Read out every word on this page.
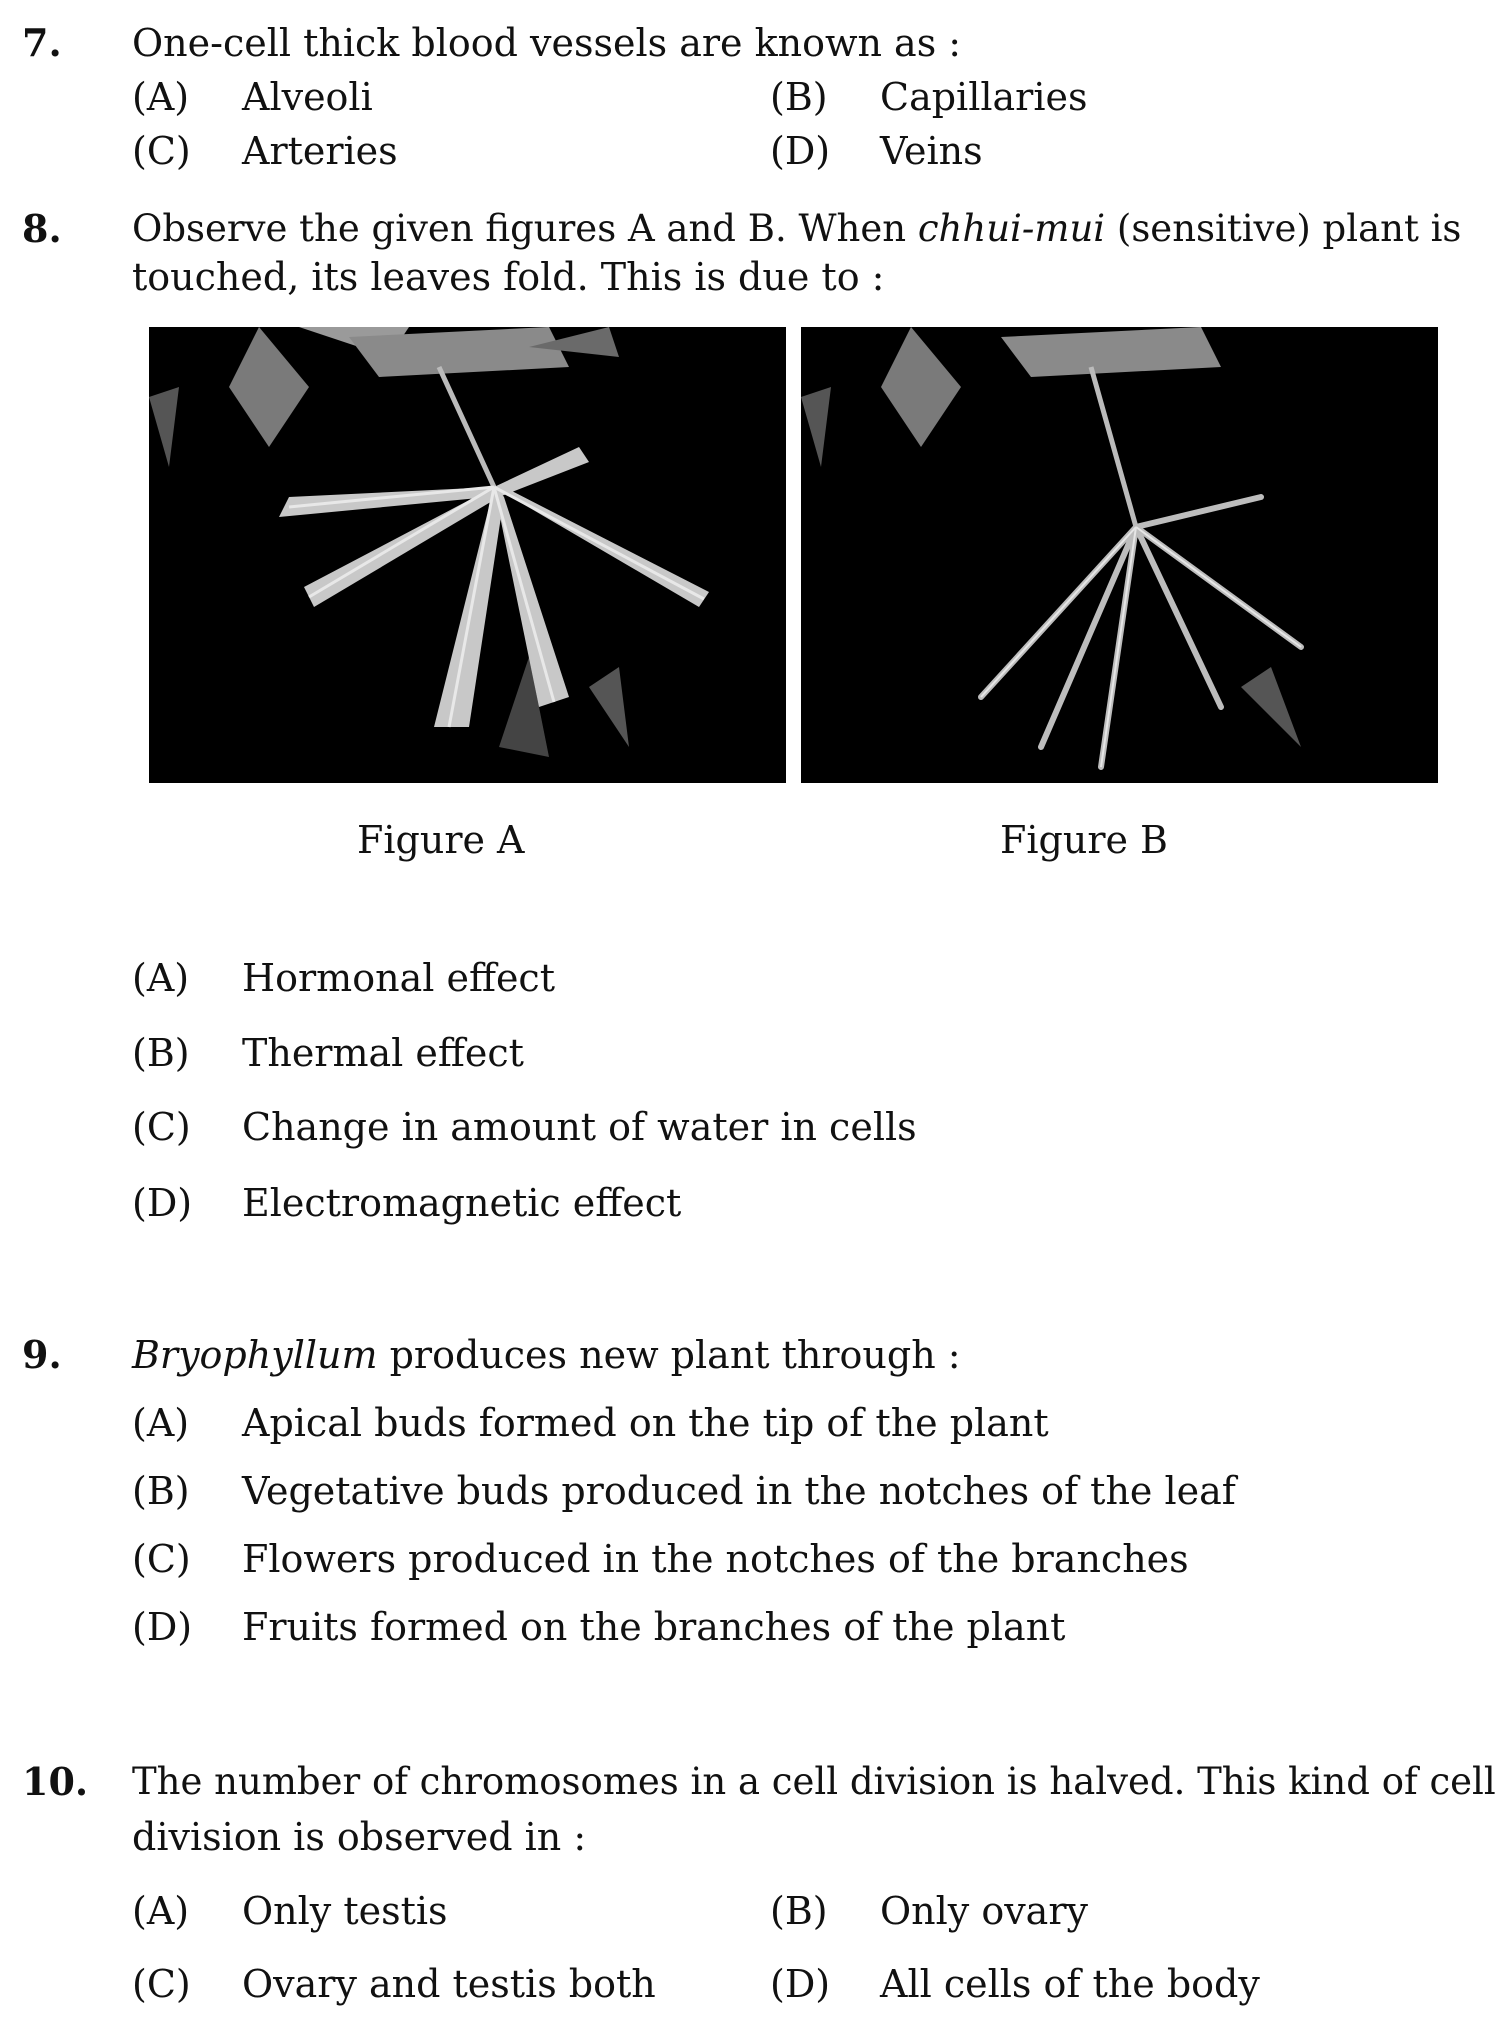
7. One-cell thick blood vessels are known as :
(A) Alveoli	(B) Capillaries
(C) Arteries	(D) Veins
8. Observe the given figures A and B. When chhui-mui (sensitive) plant is
touched, its leaves fold. This is due to :
Figure A	Figure B
(A) Hormonal effect
(B) Thermal effect
(C) Change in amount of water in cells
(D) Electromagnetic effect
9. Bryophyllum produces new plant through :
(A) Apical buds formed on the tip of the plant
(B) Vegetative buds produced in the notches of the leaf
(C) Flowers produced in the notches of the branches
(D) Fruits formed on the branches of the plant
10. The number of chromosomes in a cell division is halved. This kind of cell
division is observed in :
(A) Only testis	(B) Only ovary
(C) Ovary and testis both	(D) All cells of the body
